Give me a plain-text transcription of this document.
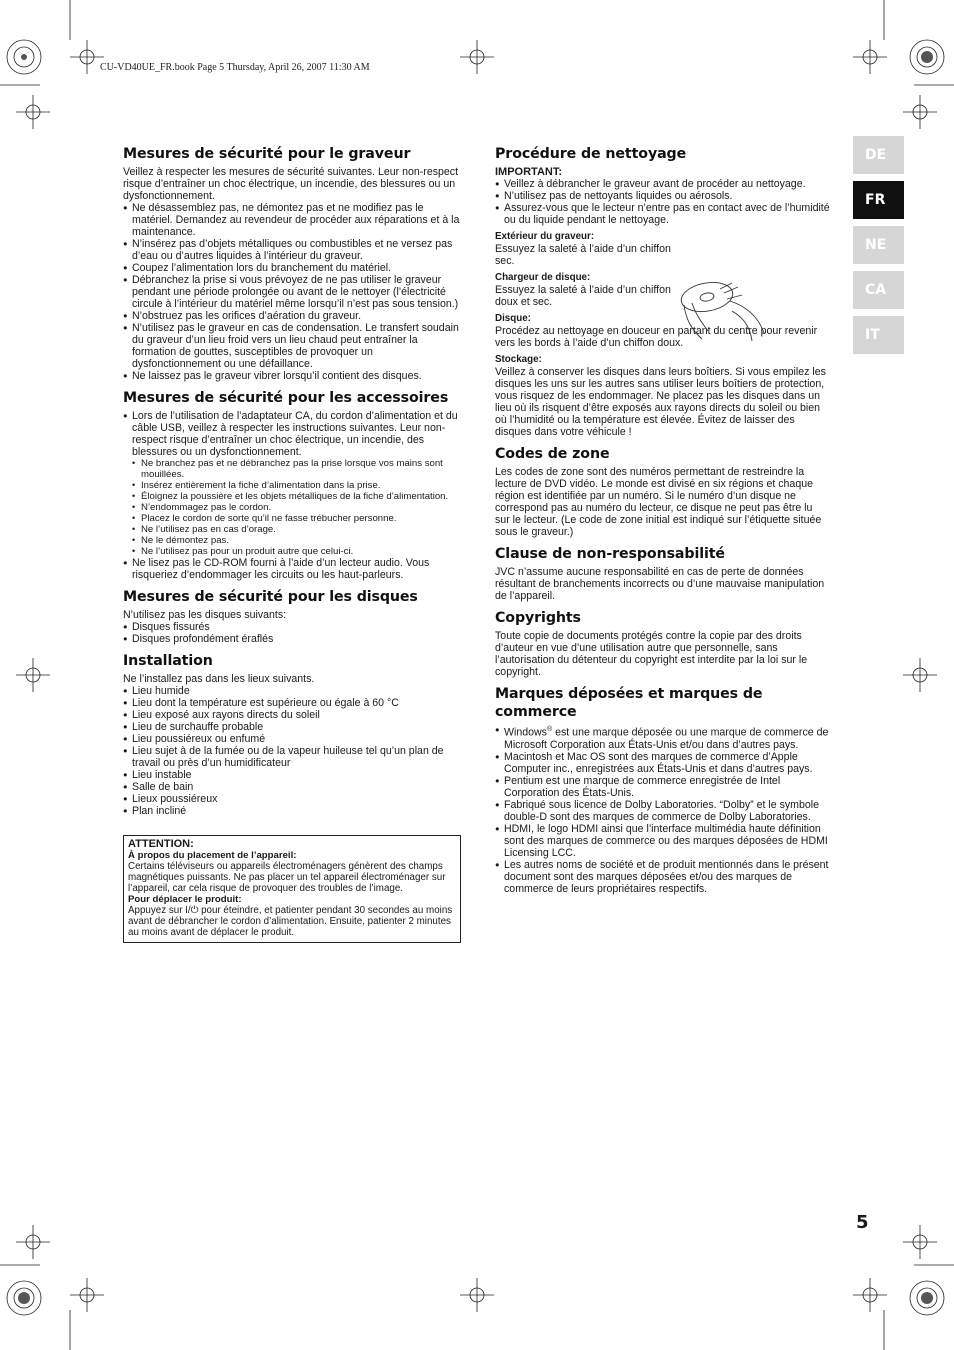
CU-VD40UE_FR.book Page 5 Thursday, April 26, 2007 11:30 AM
DE
FR
NE
CA
IT
Mesures de sécurité pour le graveur

Veillez à respecter les mesures de sécurité suivantes. Leur non-respect risque d’entraîner un choc électrique, un incendie, des blessures ou un dysfonctionnement.

● Ne désassemblez pas, ne démontez pas et ne modifiez pas le matériel. Demandez au revendeur de procéder aux réparations et à la maintenance.
● N’insérez pas d’objets métalliques ou combustibles et ne versez pas d’eau ou d’autres liquides à l’intérieur du graveur.
● Coupez l’alimentation lors du branchement du matériel.
● Débranchez la prise si vous prévoyez de ne pas utiliser le graveur pendant une période prolongée ou avant de le nettoyer (l’électricité circule à l’intérieur du matériel même lorsqu’il n’est pas sous tension.)
● N’obstruez pas les orifices d’aération du graveur.
● N’utilisez pas le graveur en cas de condensation. Le transfert soudain du graveur d’un lieu froid vers un lieu chaud peut entraîner la formation de gouttes, susceptibles de provoquer un dysfonctionnement ou une défaillance.
● Ne laissez pas le graveur vibrer lorsqu’il contient des disques.
Mesures de sécurité pour les accessoires
● Lors de l’utilisation de l’adaptateur CA, du cordon d’alimentation et du câble USB, veillez à respecter les instructions suivantes. Leur non-respect risque d’entraîner un choc électrique, un incendie, des blessures ou un dysfonctionnement.
• Ne branchez pas et ne débranchez pas la prise lorsque vos mains sont mouillées.
• Insérez entièrement la fiche d’alimentation dans la prise.
• Éloignez la poussière et les objets métalliques de la fiche d’alimentation.
• N’endommagez pas le cordon.
• Placez le cordon de sorte qu’il ne fasse trébucher personne.
• Ne l’utilisez pas en cas d’orage.
• Ne le démontez pas.
• Ne l’utilisez pas pour un produit autre que celui-ci.
● Ne lisez pas le CD-ROM fourni à l’aide d’un lecteur audio. Vous risqueriez d’endommager les circuits ou les haut-parleurs.
Mesures de sécurité pour les disques

N’utilisez pas les disques suivants:

● Disques fissurés
● Disques profondément éraflés
Installation

Ne l’installez pas dans les lieux suivants.

● Lieu humide
● Lieu dont la température est supérieure ou égale à 60 °C
● Lieu exposé aux rayons directs du soleil
● Lieu de surchauffe probable
● Lieu poussiéreux ou enfumé
● Lieu sujet à de la fumée ou de la vapeur huileuse tel qu’un plan de travail ou près d’un humidificateur
● Lieu instable
● Salle de bain
● Lieux poussiéreux
● Plan incliné
ATTENTION:
À propos du placement de l’appareil:
Certains téléviseurs ou appareils électroménagers génèrent des champs magnétiques puissants. Ne pas placer un tel appareil électroménager sur l’appareil, car cela risque de provoquer des troubles de l’image.
Pour déplacer le produit:
Appuyez sur I/⏻ pour éteindre, et patienter pendant 30 secondes au moins avant de débrancher le cordon d’alimentation. Ensuite, patienter 2 minutes au moins avant de déplacer le produit.
Procédure de nettoyage
IMPORTANT:
● Veillez à débrancher le graveur avant de procéder au nettoyage.
● N’utilisez pas de nettoyants liquides ou aérosols.
● Assurez-vous que le lecteur n’entre pas en contact avec de l’humidité ou du liquide pendant le nettoyage.
Extérieur du graveur:
Essuyez la saleté à l’aide d’un chiffon sec.
Chargeur de disque:
Essuyez la saleté à l’aide d’un chiffon doux et sec.
Disque:
Procédez au nettoyage en douceur en partant du centre pour revenir vers les bords à l’aide d’un chiffon doux.
Stockage:
Veillez à conserver les disques dans leurs boîtiers. Si vous empilez les disques les uns sur les autres sans utiliser leurs boîtiers de protection, vous risquez de les endommager. Ne placez pas les disques dans un lieu où ils risquent d’être exposés aux rayons directs du soleil ou bien où l’humidité ou la température est élevée. Évitez de laisser des disques dans votre véhicule !
Codes de zone

Les codes de zone sont des numéros permettant de restreindre la lecture de DVD vidéo. Le monde est divisé en six régions et chaque région est identifiée par un numéro. Si le numéro d’un disque ne correspond pas au numéro du lecteur, ce disque ne peut pas être lu sur le lecteur. (Le code de zone initial est indiqué sur l’étiquette située sous le graveur.)

Clause de non-responsabilité

JVC n’assume aucune responsabilité en cas de perte de données résultant de branchements incorrects ou d’une mauvaise manipulation de l’appareil.

Copyrights

Toute copie de documents protégés contre la copie par des droits d’auteur en vue d’une utilisation autre que personnelle, sans l’autorisation du détenteur du copyright est interdite par la loi sur le copyright.

Marques déposées et marques de commerce
● Windows® est une marque déposée ou une marque de commerce de Microsoft Corporation aux États-Unis et/ou dans d’autres pays.
● Macintosh et Mac OS sont des marques de commerce d’Apple Computer inc., enregistrées aux États-Unis et dans d’autres pays.
● Pentium est une marque de commerce enregistrée de Intel Corporation des États-Unis.
● Fabriqué sous licence de Dolby Laboratories. “Dolby” et le symbole double-D sont des marques de commerce de Dolby Laboratories.
● HDMI, le logo HDMI ainsi que l’interface multimédia haute définition sont des marques de commerce ou des marques déposées de HDMI Licensing LCC.
● Les autres noms de société et de produit mentionnés dans le présent document sont des marques déposées et/ou des marques de commerce de leurs propriétaires respectifs.
5
